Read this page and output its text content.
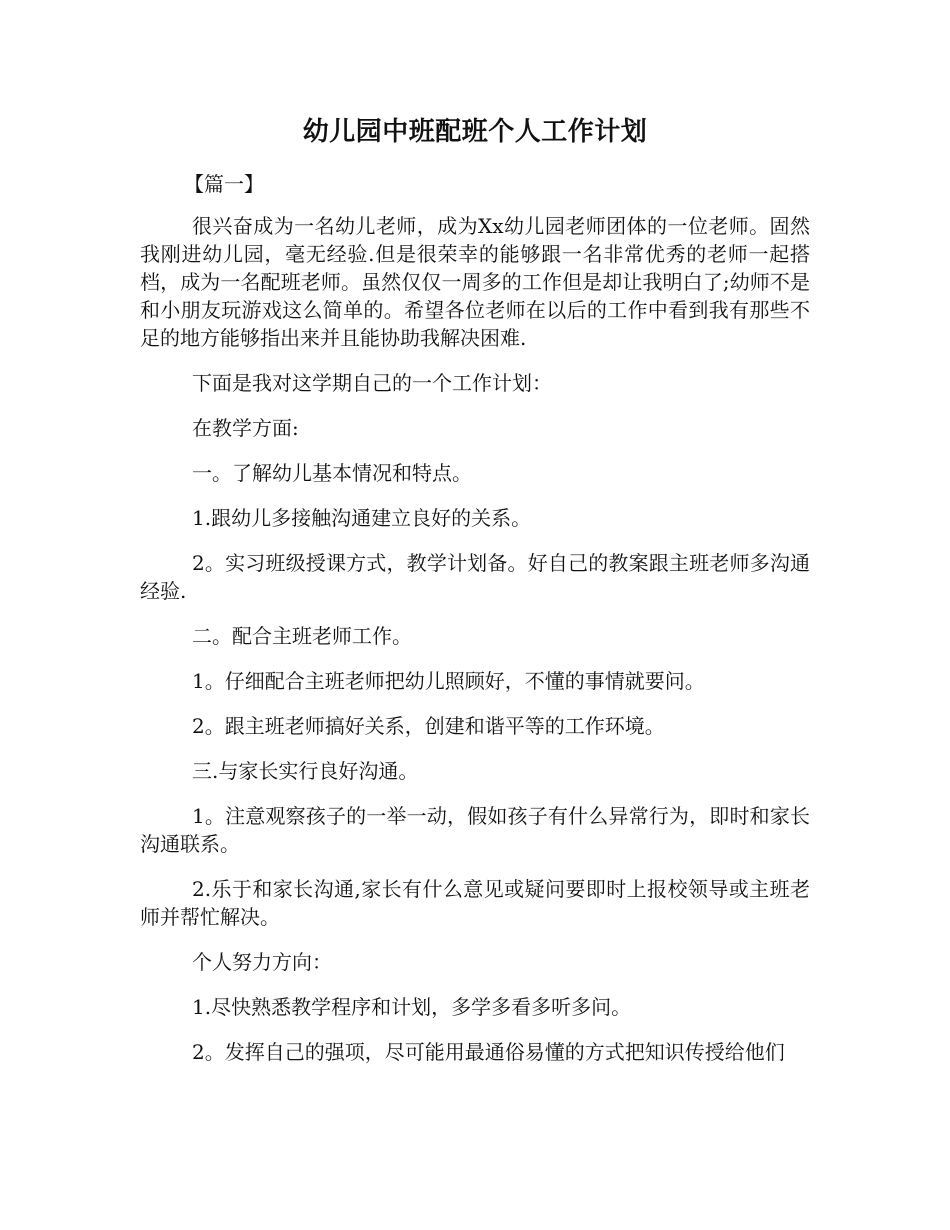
幼儿园中班配班个人工作计划
【篇一】

很兴奋成为一名幼儿老师，成为Xx幼儿园老师团体的一位老师。固然我刚进幼儿园，毫无经验.但是很荣幸的能够跟一名非常优秀的老师一起搭档，成为一名配班老师。虽然仅仅一周多的工作但是却让我明白了;幼师不是和小朋友玩游戏这么简单的。希望各位老师在以后的工作中看到我有那些不足的地方能够指出来并且能协助我解决困难.

下面是我对这学期自己的一个工作计划：

在教学方面:

一。了解幼儿基本情况和特点。

1.跟幼儿多接触沟通建立良好的关系。

2。实习班级授课方式，教学计划备。好自己的教案跟主班老师多沟通经验.

二。配合主班老师工作。

1。仔细配合主班老师把幼儿照顾好，不懂的事情就要问。

2。跟主班老师搞好关系，创建和谐平等的工作环境。

三.与家长实行良好沟通。

1。注意观察孩子的一举一动，假如孩子有什么异常行为，即时和家长沟通联系。

2.乐于和家长沟通,家长有什么意见或疑问要即时上报校领导或主班老师并帮忙解决。

个人努力方向：

1.尽快熟悉教学程序和计划，多学多看多听多问。

2。发挥自己的强项，尽可能用最通俗易懂的方式把知识传授给他们
